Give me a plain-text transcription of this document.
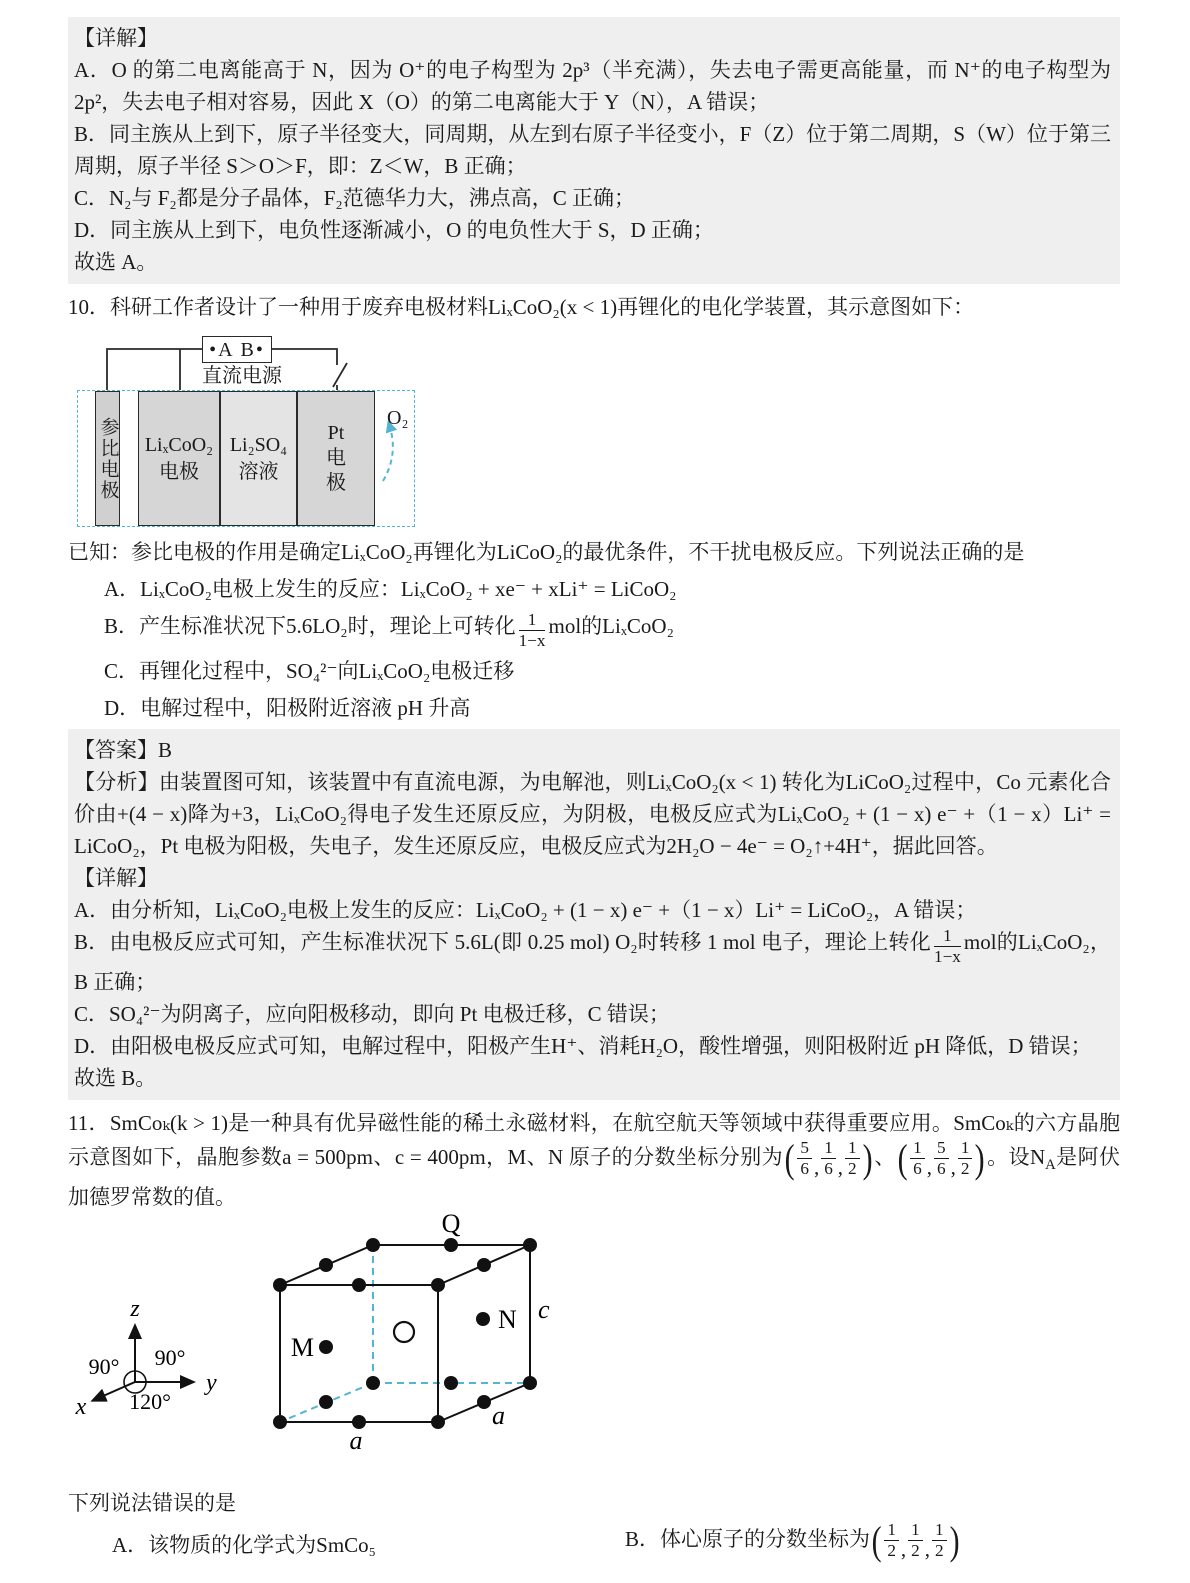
【详解】

A．O 的第二电离能高于 N，因为 O⁺的电子构型为 2p³（半充满），失去电子需更高能量，而 N⁺的电子构型为 2p²，失去电子相对容易，因此 X（O）的第二电离能大于 Y（N），A 错误；

B．同主族从上到下，原子半径变大，同周期，从左到右原子半径变小，F（Z）位于第二周期，S（W）位于第三周期，原子半径 S＞O＞F，即：Z＜W，B 正确；

C．N₂与 F₂都是分子晶体，F₂范德华力大，沸点高，C 正确；

D．同主族从上到下，电负性逐渐减小，O 的电负性大于 S，D 正确；

故选 A。

10．科研工作者设计了一种用于废弃电极材料LiₓCoO₂(x < 1)再锂化的电化学装置，其示意图如下：

•A B•
直流电源
参比电极	LiₓCoO₂
电极
Li₂SO₄
溶液
Pt
电
极
O₂

已知：参比电极的作用是确定LiₓCoO₂再锂化为LiCoO₂的最优条件，不干扰电极反应。下列说法正确的是

A．LiₓCoO₂电极上发生的反应：LiₓCoO₂ + xe⁻ + xLi⁺ = LiCoO₂

B．产生标准状况下5.6LO₂时，理论上可转化 $\frac{1}{1-x}$ mol的LiₓCoO₂

C．再锂化过程中，SO₄²⁻向LiₓCoO₂电极迁移

D．电解过程中，阳极附近溶液 pH 升高

【答案】B

【分析】由装置图可知，该装置中有直流电源，为电解池，则LiₓCoO₂(x < 1) 转化为LiCoO₂过程中，Co 元素化合价由+(4 − x)降为+3，LiₓCoO₂得电子发生还原反应，为阴极，电极反应式为LiₓCoO₂ + (1 − x) e⁻ +（1 − x）Li⁺ = LiCoO₂，Pt 电极为阳极，失电子，发生还原反应，电极反应式为2H₂O − 4e⁻ = O₂↑+4H⁺，据此回答。

【详解】

A．由分析知，LiₓCoO₂电极上发生的反应：LiₓCoO₂ + (1 − x) e⁻ +（1 − x）Li⁺ = LiCoO₂，A 错误；

B．由电极反应式可知，产生标准状况下 5.6L(即 0.25 mol) O₂时转移 1 mol 电子，理论上转化 $\frac{1}{1-x}$ mol的LiₓCoO₂，B 正确；

C．SO₄²⁻为阴离子，应向阳极移动，即向 Pt 电极迁移，C 错误；

D．由阳极电极反应式可知，电解过程中，阳极产生H⁺、消耗H₂O，酸性增强，则阳极附近 pH 降低，D 错误；

故选 B。

11．SmCoₖ(k > 1)是一种具有优异磁性能的稀土永磁材料，在航空航天等领域中获得重要应用。SmCoₖ的六方晶胞示意图如下，晶胞参数a = 500pm、c = 400pm，M、N 原子的分数坐标分别为 ( $\frac{5}{6}$ , $\frac{1}{6}$ , $\frac{1}{2}$ ) 、 ( $\frac{1}{6}$ , $\frac{5}{6}$ , $\frac{1}{2}$ ) 。设$N_A$是阿伏加德罗常数的值。

z
y
x
90° 90°
120°
Q
M
N c
a
a

下列说法错误的是

A．该物质的化学式为SmCo₅	B．体心原子的分数坐标为 ( $\frac{1}{2}$ , $\frac{1}{2}$ , $\frac{1}{2}$ )
